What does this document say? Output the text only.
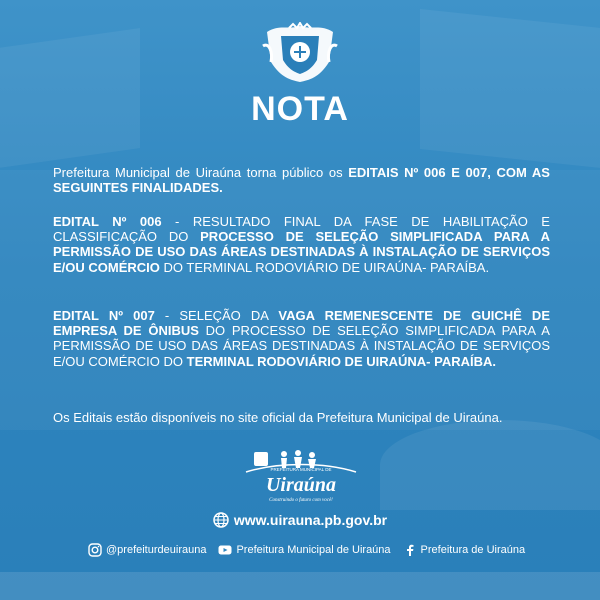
NOTA
Prefeitura Municipal de Uiraúna torna público os EDITAIS Nº 006 E 007, COM AS SEGUINTES FINALIDADES.
EDITAL Nº 006 - RESULTADO FINAL DA FASE DE HABILITAÇÃO E CLASSIFICAÇÃO DO PROCESSO DE SELEÇÃO SIMPLIFICADA PARA A PERMISSÃO DE USO DAS ÁREAS DESTINADAS À INSTALAÇÃO DE SERVIÇOS E/OU COMÉRCIO DO TERMINAL RODOVIÁRIO DE UIRAÚNA- PARAÍBA.
EDITAL Nº 007 - SELEÇÃO DA VAGA REMENESCENTE DE GUICHÊ DE EMPRESA DE ÔNIBUS DO PROCESSO DE SELEÇÃO SIMPLIFICADA PARA A PERMISSÃO DE USO DAS ÁREAS DESTINADAS À INSTALAÇÃO DE SERVIÇOS E/OU COMÉRCIO DO TERMINAL RODOVIÁRIO DE UIRAÚNA- PARAÍBA.
Os Editais estão disponíveis no site oficial da Prefeitura Municipal de Uiraúna.
PREFEITURA MUNICIPAL DE
Uiraúna
Construindo o futuro com você!
www.uirauna.pb.gov.br
@prefeiturdeuirauna	Prefeitura Municipal de Uiraúna	Prefeitura de Uiraúna
